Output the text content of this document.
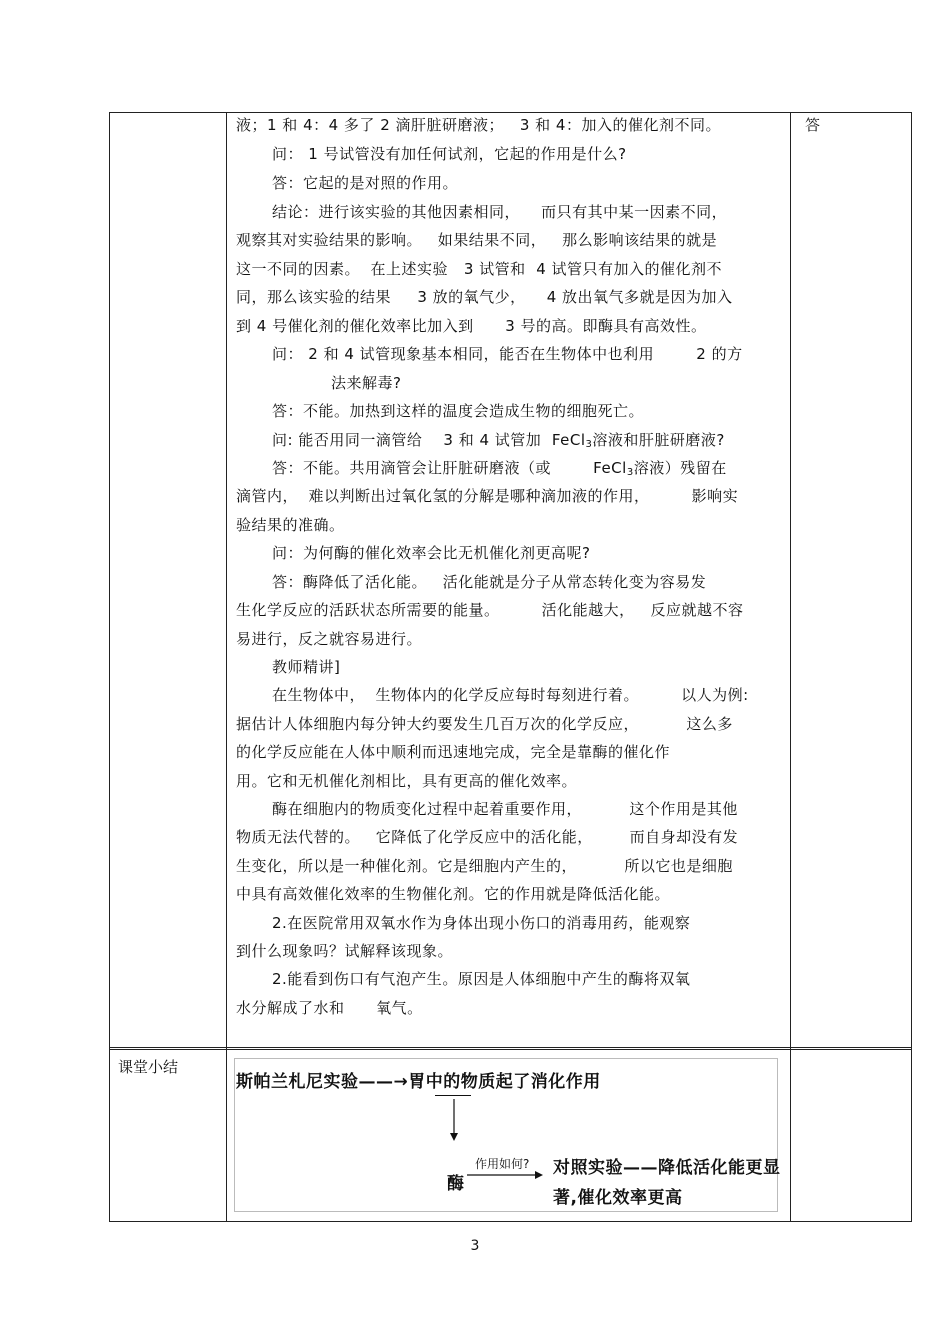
答
液；1 和 4：4 多了 2 滴肝脏研磨液；   3 和 4：加入的催化剂不同。
问： 1 号试管没有加任何试剂，它起的作用是什么?
答：它起的是对照的作用。
结论：进行该实验的其他因素相同，    而只有其中某一因素不同，
观察其对实验结果的影响。   如果结果不同，   那么影响该结果的就是
这一不同的因素。  在上述实验   3 试管和  4 试管只有加入的催化剂不
同，那么该实验的结果     3 放的氧气少，    4 放出氧气多就是因为加入
到 4 号催化剂的催化效率比加入到      3 号的高。即酶具有高效性。
问： 2 和 4 试管现象基本相同，能否在生物体中也利用        2 的方
法来解毒?
答：不能。加热到这样的温度会造成生物的细胞死亡。
问: 能否用同一滴管给    3 和 4 试管加  FeCl$_3$溶液和肝脏研磨液?
答：不能。共用滴管会让肝脏研磨液（或        FeCl$_3$溶液）残留在
滴管内，  难以判断出过氧化氢的分解是哪种滴加液的作用，        影响实
验结果的准确。
问：为何酶的催化效率会比无机催化剂更高呢?
答：酶降低了活化能。   活化能就是分子从常态转化变为容易发
生化学反应的活跃状态所需要的能量。        活化能越大，   反应就越不容
易进行，反之就容易进行。
教师精讲]
在生物体中，  生物体内的化学反应每时每刻进行着。        以人为例:
据估计人体细胞内每分钟大约要发生几百万次的化学反应，         这么多
的化学反应能在人体中顺利而迅速地完成，完全是靠酶的催化作
用。它和无机催化剂相比，具有更高的催化效率。
酶在细胞内的物质变化过程中起着重要作用，         这个作用是其他
物质无法代替的。   它降低了化学反应中的活化能，       而自身却没有发
生变化，所以是一种催化剂。它是细胞内产生的，         所以它也是细胞
中具有高效催化效率的生物催化剂。它的作用就是降低活化能。
2.在医院常用双氧水作为身体出现小伤口的消毒用药，能观察
到什么现象吗？试解释该现象。
2.能看到伤口有气泡产生。原因是人体细胞中产生的酶将双氧
水分解成了水和      氧气。
课堂小结
斯帕兰札尼实验——→胃中的物质起了消化作用
酶
作用如何? 对照实验——降低活化能更显
著,催化效率更高
3
